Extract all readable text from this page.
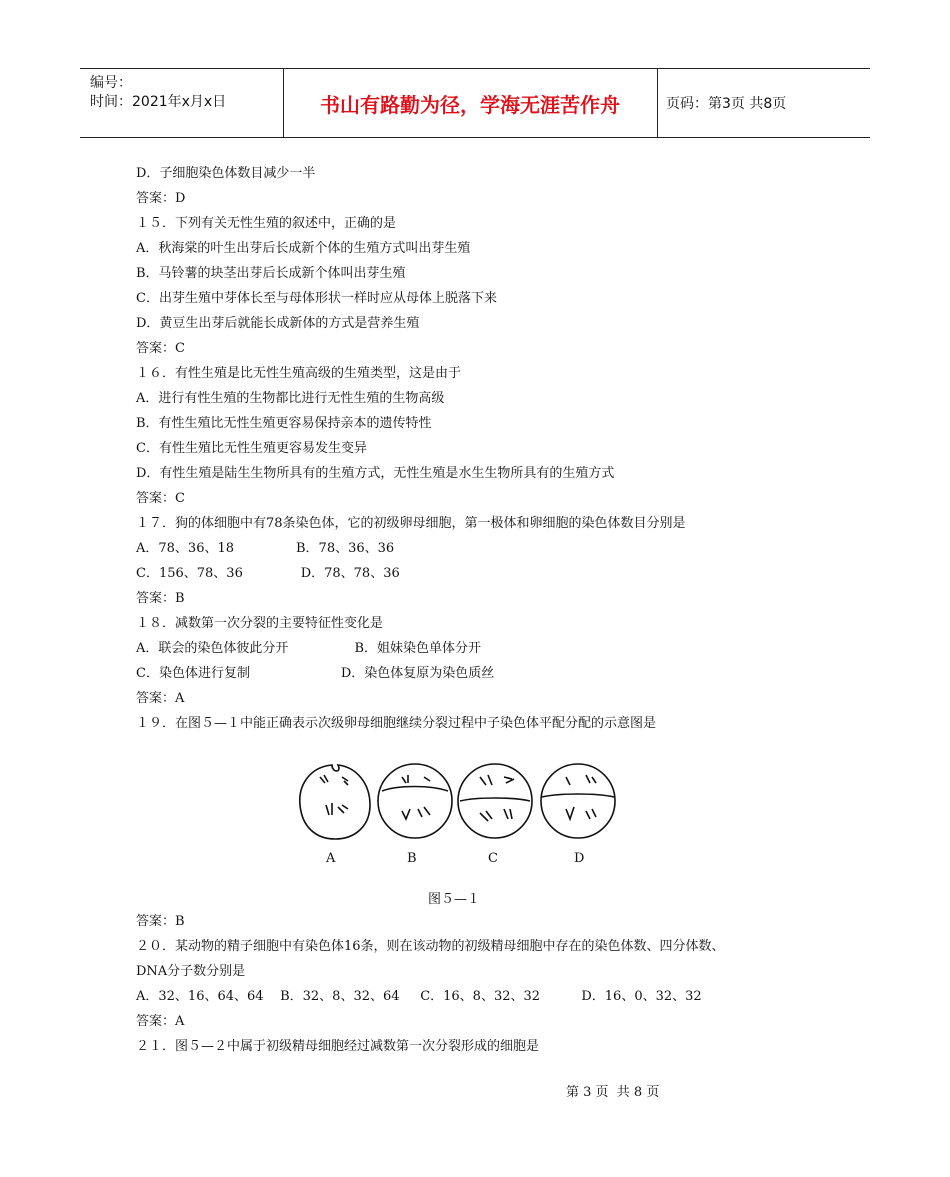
编号：
时间：2021年x月x日	书山有路勤为径，学海无涯苦作舟	页码：第3页 共8页
D．子细胞染色体数目减少一半
答案：D
１５．下列有关无性生殖的叙述中，正确的是
A．秋海棠的叶生出芽后长成新个体的生殖方式叫出芽生殖
B．马铃薯的块茎出芽后长成新个体叫出芽生殖
C．出芽生殖中芽体长至与母体形状一样时应从母体上脱落下来
D．黄豆生出芽后就能长成新体的方式是营养生殖
答案：C
１６．有性生殖是比无性生殖高级的生殖类型，这是由于
A．进行有性生殖的生物都比进行无性生殖的生物高级
B．有性生殖比无性生殖更容易保持亲本的遗传特性
C．有性生殖比无性生殖更容易发生变异
D．有性生殖是陆生生物所具有的生殖方式，无性生殖是水生生物所具有的生殖方式
答案：C
１７．狗的体细胞中有78条染色体，它的初级卵母细胞，第一极体和卵细胞的染色体数目分别是
A．78、36、18               B．78、36、36
C．156、78、36              D．78、78、36
答案：B
１８．减数第一次分裂的主要特征性变化是
A．联会的染色体彼此分开                B．姐妹染色单体分开
C．染色体进行复制                      D．染色体复原为染色质丝
答案：A
１９．在图５—１中能正确表示次级卵母细胞继续分裂过程中子染色体平配分配的示意图是
A	B	C	D
图５—１
答案：B
２０．某动物的精子细胞中有染色体16条，则在该动物的初级精母细胞中存在的染色体数、四分体数、
DNA分子数分别是
A．32、16、64、64    B．32、8、32、64     C．16、8、32、32          D．16、0、32、32
答案：A
２１．图５—２中属于初级精母细胞经过减数第一次分裂形成的细胞是
第 3 页  共 8 页
